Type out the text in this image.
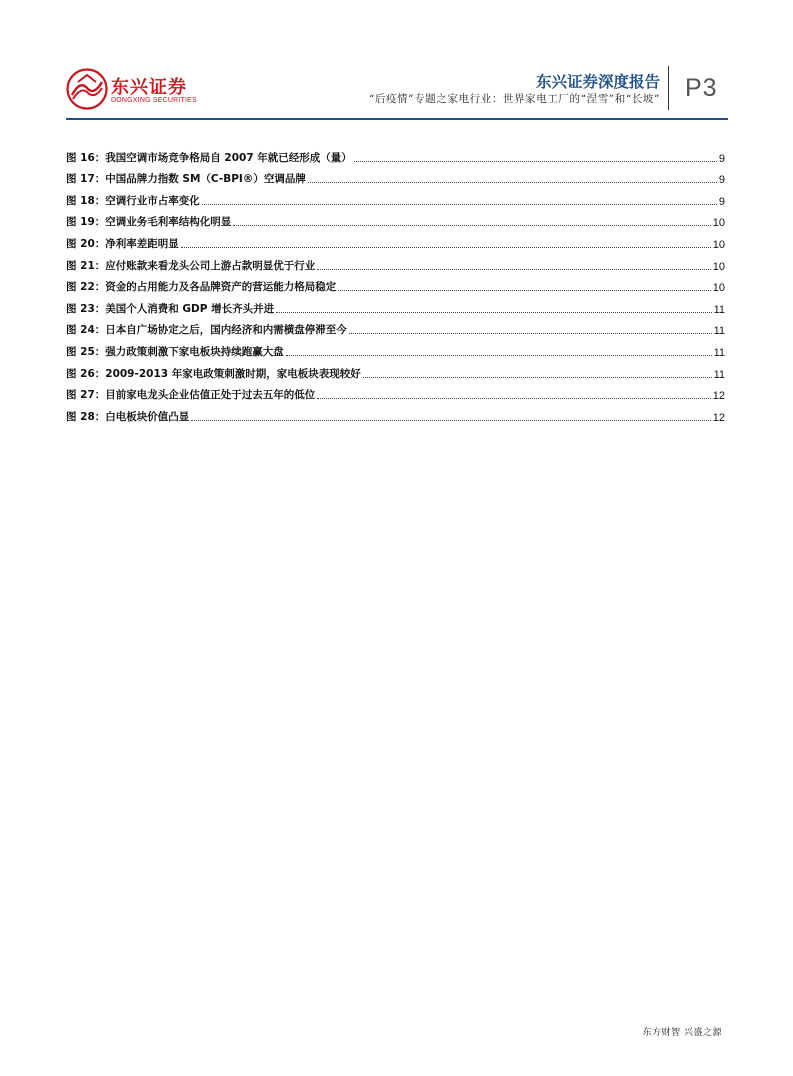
东兴证券
DONGXING SECURITIES
东兴证券深度报告
“后疫情”专题之家电行业：世界家电工厂的“涅雪”和“长坡” P3
图 16：我国空调市场竞争格局自 2007 年就已经形成（量）	9
图 17：中国品牌力指数 SM（C-BPI®）空调品牌	9
图 18：空调行业市占率变化	9
图 19：空调业务毛利率结构化明显	10
图 20：净利率差距明显	10
图 21：应付账款来看龙头公司上游占款明显优于行业	10
图 22：资金的占用能力及各品牌资产的营运能力格局稳定	10
图 23：美国个人消费和 GDP 增长齐头并进	11
图 24：日本自广场协定之后，国内经济和内需横盘停滞至今	11
图 25：强力政策刺激下家电板块持续跑赢大盘	11
图 26：2009-2013 年家电政策刺激时期，家电板块表现较好	11
图 27：目前家电龙头企业估值正处于过去五年的低位	12
图 28：白电板块价值凸显	12
东方财智 兴盛之源
